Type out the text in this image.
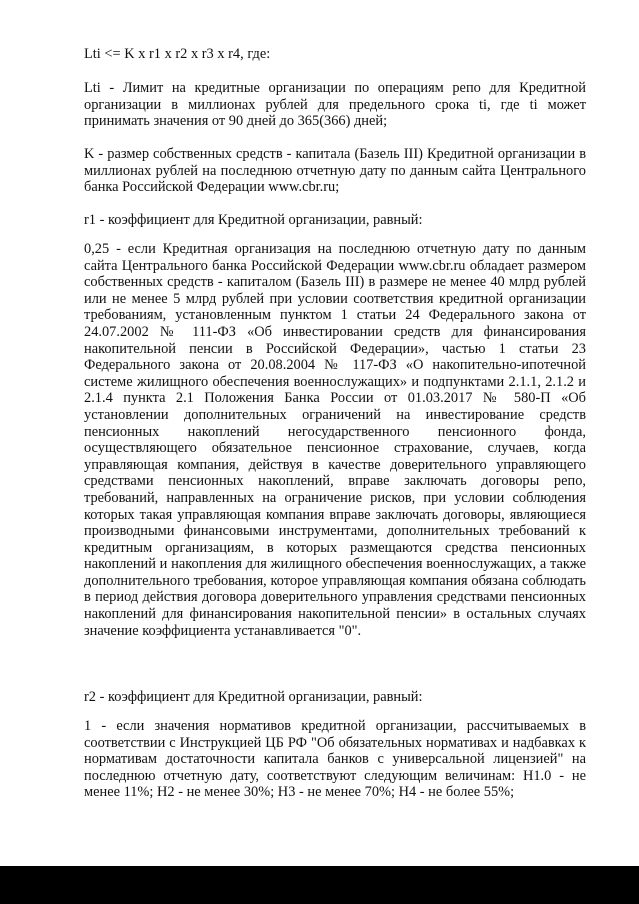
Lti <= K x r1 x r2 x r3 x r4, где:

Lti - Лимит на кредитные организации по операциям репо для Кредитной организации в миллионах рублей для предельного срока ti, где ti может принимать значения от 90 дней до 365(366) дней;

K - размер собственных средств - капитала (Базель III) Кредитной организации в миллионах рублей на последнюю отчетную дату по данным сайта Центрального банка Российской Федерации www.cbr.ru;

r1 - коэффициент для Кредитной организации, равный:

0,25 - если Кредитная организация на последнюю отчетную дату по данным сайта Центрального банка Российской Федерации www.cbr.ru обладает размером собственных средств - капиталом (Базель III) в размере не менее 40 млрд рублей или не менее 5 млрд рублей при условии соответствия кредитной организации требованиям, установленным пунктом 1 статьи 24 Федерального закона от 24.07.2002 № 111-ФЗ «Об инвестировании средств для финансирования накопительной пенсии в Российской Федерации», частью 1 статьи 23 Федерального закона от 20.08.2004 № 117-ФЗ «О накопительно-ипотечной системе жилищного обеспечения военнослужащих» и подпунктами 2.1.1, 2.1.2 и 2.1.4 пункта 2.1 Положения Банка России от 01.03.2017 № 580-П «Об установлении дополнительных ограничений на инвестирование средств пенсионных накоплений негосударственного пенсионного фонда, осуществляющего обязательное пенсионное страхование, случаев, когда управляющая компания, действуя в качестве доверительного управляющего средствами пенсионных накоплений, вправе заключать договоры репо, требований, направленных на ограничение рисков, при условии соблюдения которых такая управляющая компания вправе заключать договоры, являющиеся производными финансовыми инструментами, дополнительных требований к кредитным организациям, в которых размещаются средства пенсионных накоплений и накопления для жилищного обеспечения военнослужащих, а также дополнительного требования, которое управляющая компания обязана соблюдать в период действия договора доверительного управления средствами пенсионных накоплений для финансирования накопительной пенсии» в остальных случаях значение коэффициента устанавливается "0".

r2 - коэффициент для Кредитной организации, равный:

1 - если значения нормативов кредитной организации, рассчитываемых в соответствии с Инструкцией ЦБ РФ "Об обязательных нормативах и надбавках к нормативам достаточности капитала банков с универсальной лицензией" на последнюю отчетную дату, соответствуют следующим величинам: Н1.0 - не менее 11%; Н2 - не менее 30%; Н3 - не менее 70%; Н4 - не более 55%;
